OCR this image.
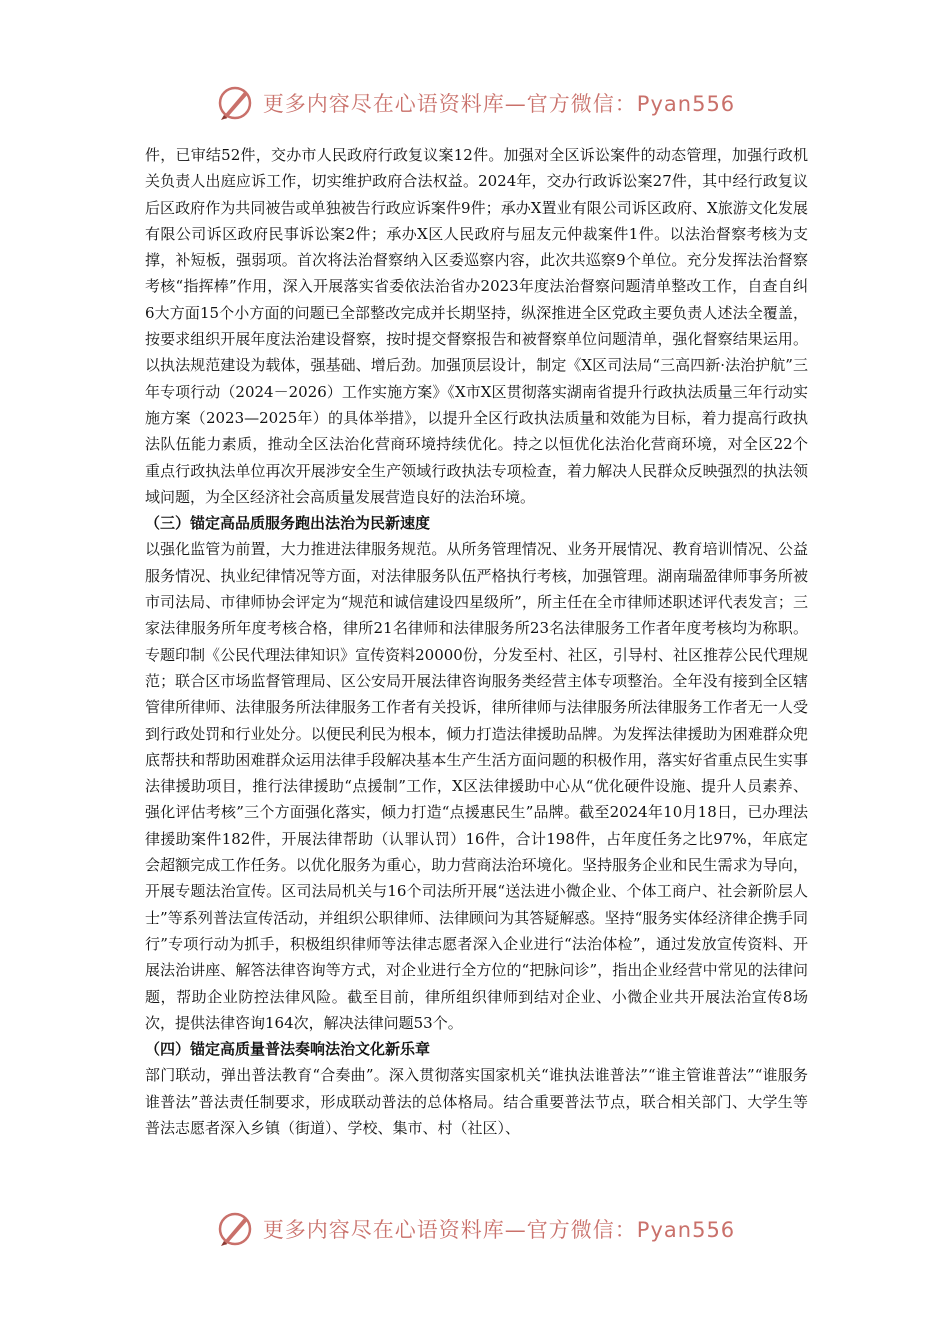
更多内容尽在心语资料库—官方微信：Pyan556

件，已审结52件，交办市人民政府行政复议案12件。加强对全区诉讼案件的动态管理，加强行政机关负责人出庭应诉工作，切实维护政府合法权益。2024年，交办行政诉讼案27件，其中经行政复议后区政府作为共同被告或单独被告行政应诉案件9件；承办X置业有限公司诉区政府、X旅游文化发展有限公司诉区政府民事诉讼案2件；承办X区人民政府与屈友元仲裁案件1件。以法治督察考核为支撑，补短板，强弱项。首次将法治督察纳入区委巡察内容，此次共巡察9个单位。充分发挥法治督察考核“指挥棒”作用，深入开展落实省委依法治省办2023年度法治督察问题清单整改工作，自查自纠6大方面15个小方面的问题已全部整改完成并长期坚持，纵深推进全区党政主要负责人述法全覆盖，按要求组织开展年度法治建设督察，按时提交督察报告和被督察单位问题清单，强化督察结果运用。以执法规范建设为载体，强基础、增后劲。加强顶层设计，制定《X区司法局“三高四新·法治护航”三年专项行动（2024－2026）工作实施方案》《X市X区贯彻落实湖南省提升行政执法质量三年行动实施方案（2023—2025年）的具体举措》，以提升全区行政执法质量和效能为目标，着力提高行政执法队伍能力素质，推动全区法治化营商环境持续优化。持之以恒优化法治化营商环境，对全区22个重点行政执法单位再次开展涉安全生产领域行政执法专项检查，着力解决人民群众反映强烈的执法领域问题，为全区经济社会高质量发展营造良好的法治环境。

（三）锚定高品质服务跑出法治为民新速度

以强化监管为前置，大力推进法律服务规范。从所务管理情况、业务开展情况、教育培训情况、公益服务情况、执业纪律情况等方面，对法律服务队伍严格执行考核，加强管理。湖南瑞盈律师事务所被市司法局、市律师协会评定为“规范和诚信建设四星级所”，所主任在全市律师述职述评代表发言；三家法律服务所年度考核合格，律所21名律师和法律服务所23名法律服务工作者年度考核均为称职。专题印制《公民代理法律知识》宣传资料20000份，分发至村、社区，引导村、社区推荐公民代理规范；联合区市场监督管理局、区公安局开展法律咨询服务类经营主体专项整治。全年没有接到全区辖管律所律师、法律服务所法律服务工作者有关投诉，律所律师与法律服务所法律服务工作者无一人受到行政处罚和行业处分。以便民利民为根本，倾力打造法律援助品牌。为发挥法律援助为困难群众兜底帮扶和帮助困难群众运用法律手段解决基本生产生活方面问题的积极作用，落实好省重点民生实事法律援助项目，推行法律援助“点援制”工作，X区法律援助中心从“优化硬件设施、提升人员素养、强化评估考核”三个方面强化落实，倾力打造“点援惠民生”品牌。截至2024年10月18日，已办理法律援助案件182件，开展法律帮助（认罪认罚）16件，合计198件，占年度任务之比97%，年底定会超额完成工作任务。以优化服务为重心，助力营商法治环境化。坚持服务企业和民生需求为导向，开展专题法治宣传。区司法局机关与16个司法所开展“送法进小微企业、个体工商户、社会新阶层人士”等系列普法宣传活动，并组织公职律师、法律顾问为其答疑解惑。坚持“服务实体经济律企携手同行”专项行动为抓手，积极组织律师等法律志愿者深入企业进行“法治体检”，通过发放宣传资料、开展法治讲座、解答法律咨询等方式，对企业进行全方位的“把脉问诊”，指出企业经营中常见的法律问题，帮助企业防控法律风险。截至目前，律所组织律师到结对企业、小微企业共开展法治宣传8场次，提供法律咨询164次，解决法律问题53个。

（四）锚定高质量普法奏响法治文化新乐章

部门联动，弹出普法教育“合奏曲”。深入贯彻落实国家机关“谁执法谁普法”“谁主管谁普法”“谁服务谁普法”普法责任制要求，形成联动普法的总体格局。结合重要普法节点，联合相关部门、大学生等普法志愿者深入乡镇（街道）、学校、集市、村（社区）、

更多内容尽在心语资料库—官方微信：Pyan556
